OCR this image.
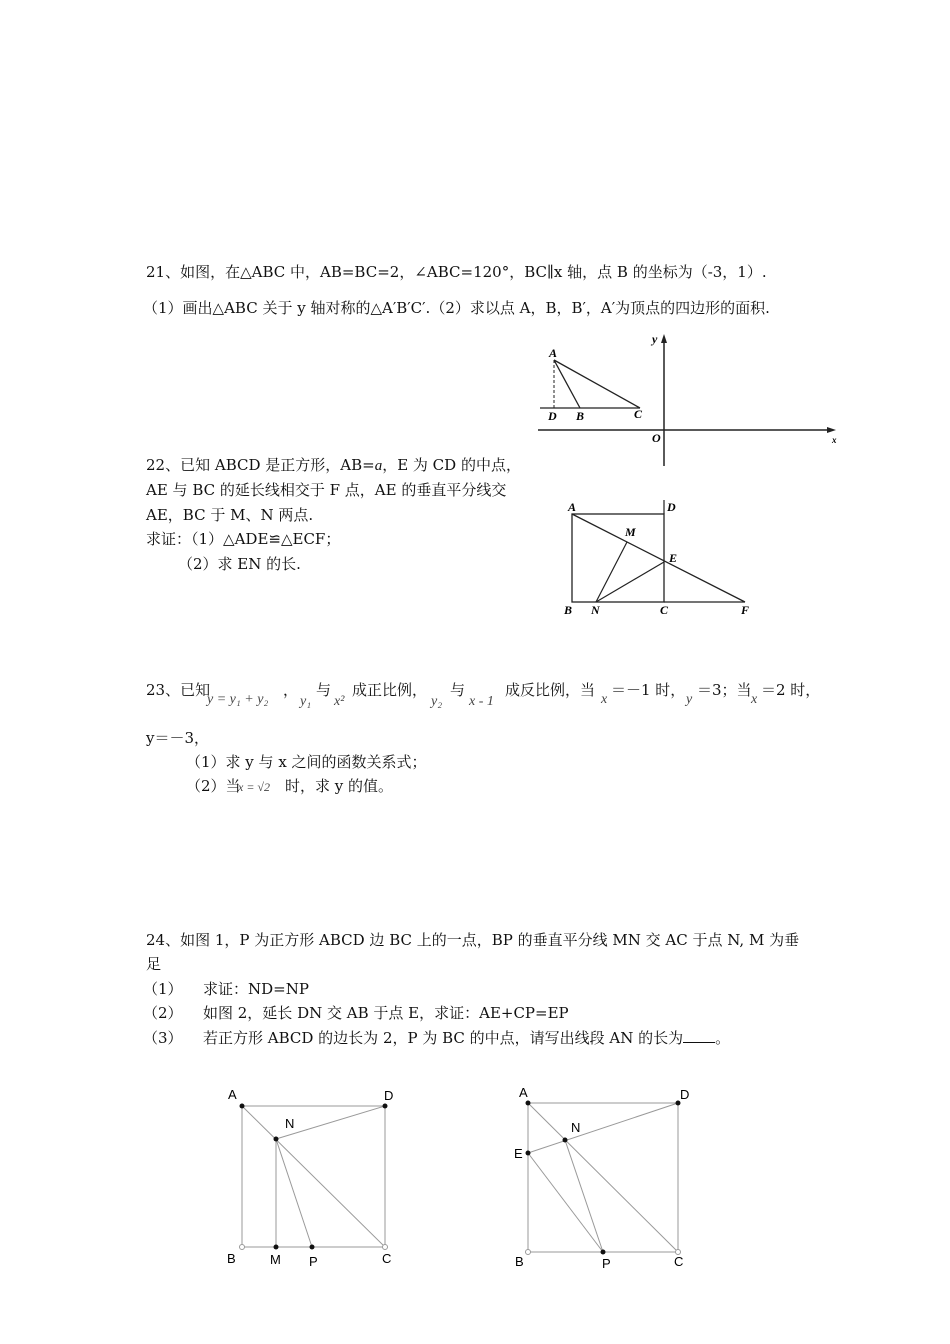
21、如图，在△ABC 中，AB=BC=2，∠ABC=120°，BC∥x 轴，点 B 的坐标为（-3，1）.
（1）画出△ABC 关于 y 轴对称的△A′B′C′.（2）求以点 A，B，B′，A′为顶点的四边形的面积.
A
D B	C
O
y
x
22、已知 ABCD 是正方形，AB=a，E 为 CD 的中点，
AE 与 BC 的延长线相交于 F 点，AE 的垂直平分线交
AE，BC 于 M、N 两点.
求证：（1）△ADE≌△ECF；
（2）求 EN 的长.
A	D
M
E
B N	C	F
23、已知
y = y₁ + y₂
，
y₁
与
x²
成正比例，
y₂
与
x - 1
成反比例，当
x
＝－1 时，
y
＝3；当
x
＝2 时，
y＝－3，
（1）求 y 与 x 之间的函数关系式；
（2）当
x = √2 时，求 y 的值。
24、如图 1，P 为正方形 ABCD 边 BC 上的一点，BP 的垂直平分线 MN 交 AC 于点 N, M 为垂
足
（1） 求证：ND=NP
（2） 如图 2，延长 DN 交 AB 于点 E，求证：AE+CP=EP
（3） 若正方形 ABCD 的边长为 2，P 为 BC 的中点，请写出线段 AN 的长为 。
A	D
N
B	M P	C
A	D
N
E
B	P	C
